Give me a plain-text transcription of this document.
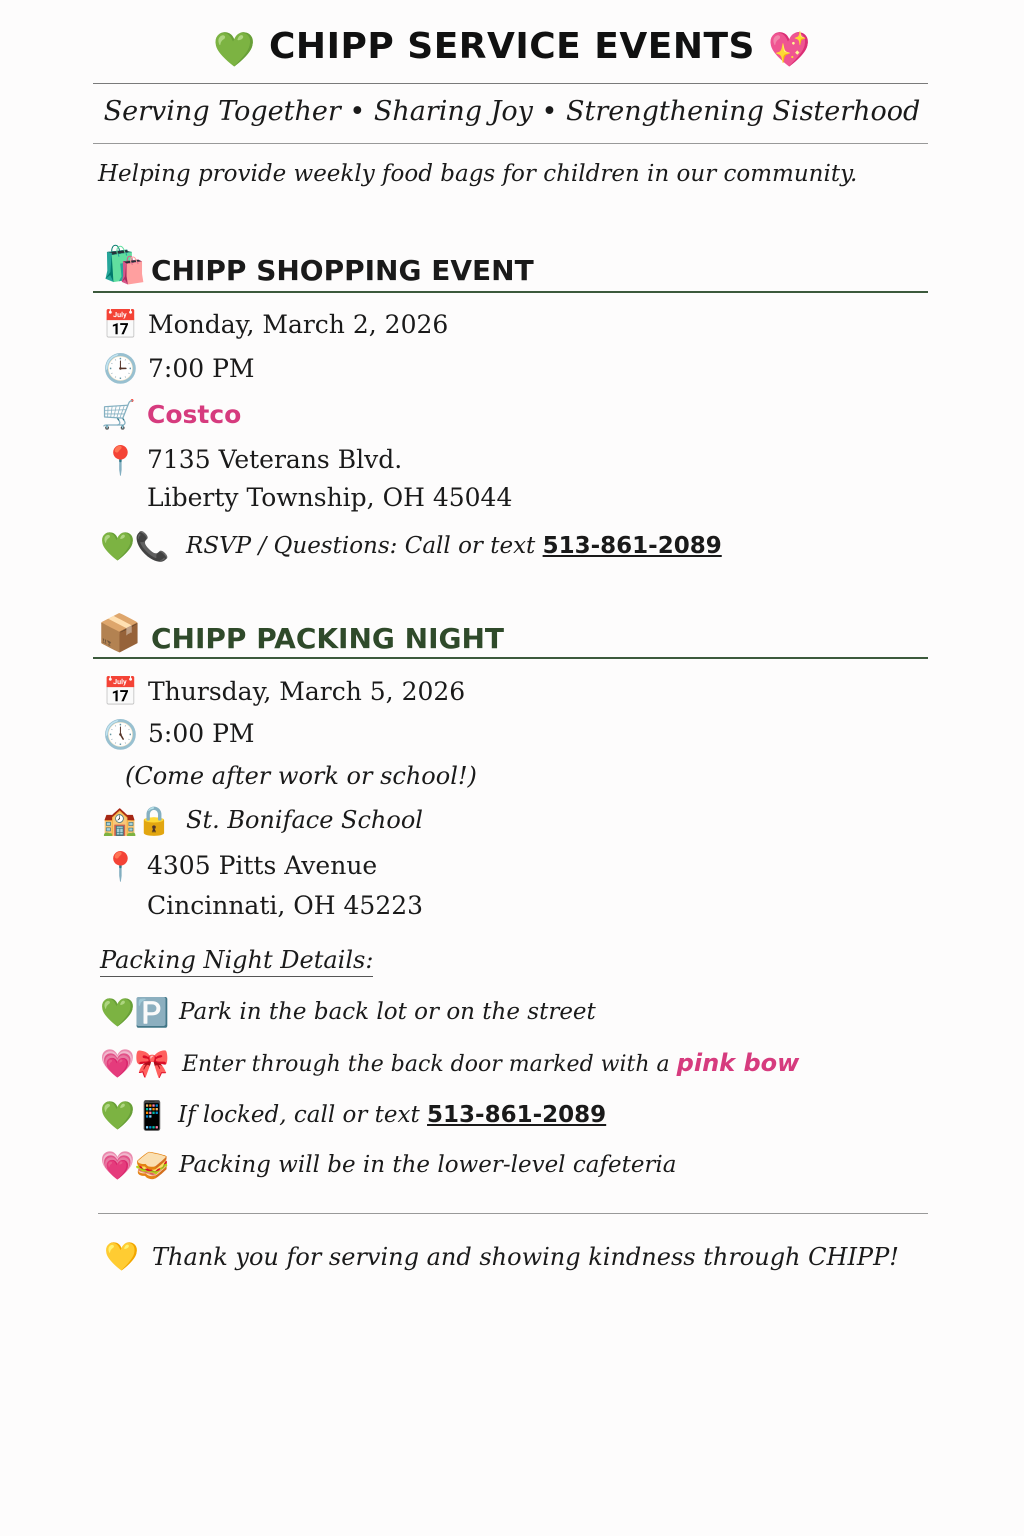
💚 CHIPP SERVICE EVENTS 💖
Serving Together • Sharing Joy • Strengthening Sisterhood
Helping provide weekly food bags for children in our community.
🛍️ CHIPP SHOPPING EVENT
📅 Monday, March 2, 2026
🕒 7:00 PM
🛒 Costco
📍 7135 Veterans Blvd.
Liberty Township, OH 45044
💚📞 RSVP / Questions: Call or text 513-861-2089
📦 CHIPP PACKING NIGHT
📅 Thursday, March 5, 2026
🕔 5:00 PM
(Come after work or school!)
🏫🔒 St. Boniface School
📍 4305 Pitts Avenue
Cincinnati, OH 45223
Packing Night Details:
💚🅿️ Park in the back lot or on the street
💗🎀 Enter through the back door marked with a pink bow
💚📱 If locked, call or text 513-861-2089
💗🥪 Packing will be in the lower-level cafeteria
💛 Thank you for serving and showing kindness through CHIPP!
